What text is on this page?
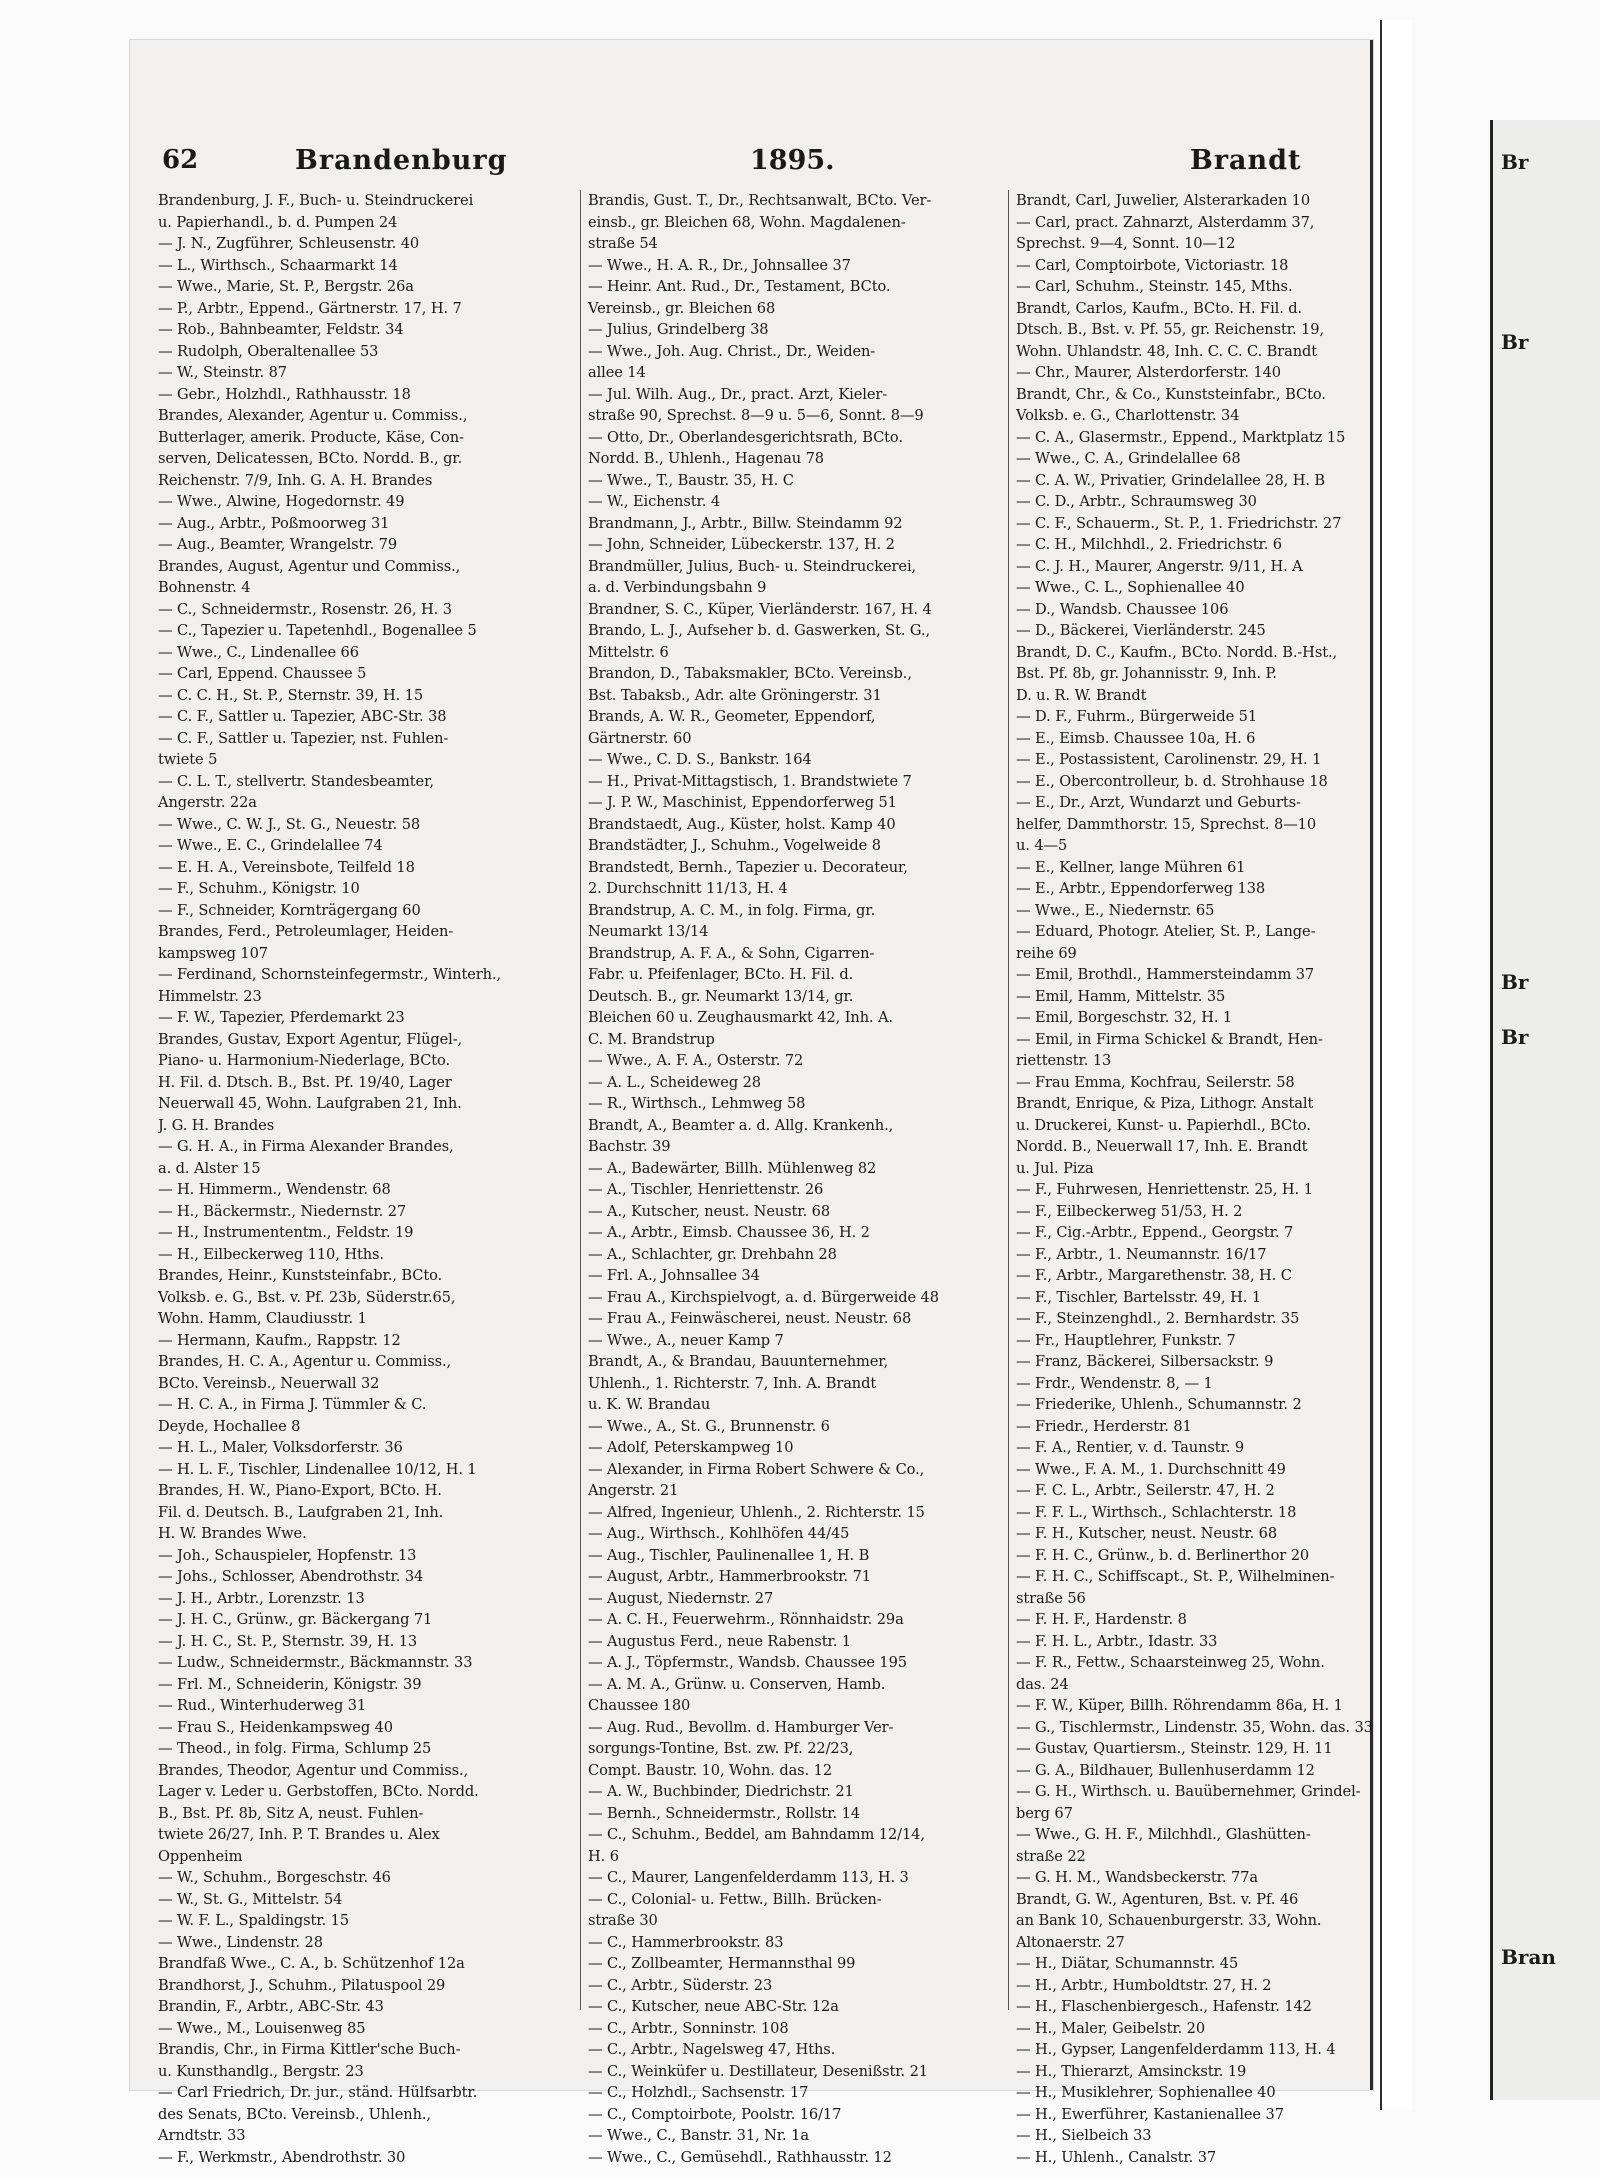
Br
Br
Br
Br
Bran
62	Brandenburg	1895.	Brandt
Brandenburg, J. F., Buch- u. Steindruckerei
u. Papierhandl., b. d. Pumpen 24
— J. N., Zugführer, Schleusenstr. 40
— L., Wirthsch., Schaarmarkt 14
— Wwe., Marie, St. P., Bergstr. 26a
— P., Arbtr., Eppend., Gärtnerstr. 17, H. 7
— Rob., Bahnbeamter, Feldstr. 34
— Rudolph, Oberaltenallee 53
— W., Steinstr. 87
— Gebr., Holzhdl., Rathhausstr. 18
Brandes, Alexander, Agentur u. Commiss.,
Butterlager, amerik. Producte, Käse, Con-
serven, Delicatessen, BCto. Nordd. B., gr.
Reichenstr. 7/9, Inh. G. A. H. Brandes
— Wwe., Alwine, Hogedornstr. 49
— Aug., Arbtr., Poßmoorweg 31
— Aug., Beamter, Wrangelstr. 79
Brandes, August, Agentur und Commiss.,
Bohnenstr. 4
— C., Schneidermstr., Rosenstr. 26, H. 3
— C., Tapezier u. Tapetenhdl., Bogenallee 5
— Wwe., C., Lindenallee 66
— Carl, Eppend. Chaussee 5
— C. C. H., St. P., Sternstr. 39, H. 15
— C. F., Sattler u. Tapezier, ABC-Str. 38
— C. F., Sattler u. Tapezier, nst. Fuhlen-
twiete 5
— C. L. T., stellvertr. Standesbeamter,
Angerstr. 22a
— Wwe., C. W. J., St. G., Neuestr. 58
— Wwe., E. C., Grindelallee 74
— E. H. A., Vereinsbote, Teilfeld 18
— F., Schuhm., Königstr. 10
— F., Schneider, Kornträgergang 60
Brandes, Ferd., Petroleumlager, Heiden-
kampsweg 107
— Ferdinand, Schornsteinfegermstr., Winterh.,
Himmelstr. 23
— F. W., Tapezier, Pferdemarkt 23
Brandes, Gustav, Export Agentur, Flügel-,
Piano- u. Harmonium-Niederlage, BCto.
H. Fil. d. Dtsch. B., Bst. Pf. 19/40, Lager
Neuerwall 45, Wohn. Laufgraben 21, Inh.
J. G. H. Brandes
— G. H. A., in Firma Alexander Brandes,
a. d. Alster 15
— H. Himmerm., Wendenstr. 68
— H., Bäckermstr., Niedernstr. 27
— H., Instrumententm., Feldstr. 19
— H., Eilbeckerweg 110, Hths.
Brandes, Heinr., Kunststeinfabr., BCto.
Volksb. e. G., Bst. v. Pf. 23b, Süderstr.65,
Wohn. Hamm, Claudiusstr. 1
— Hermann, Kaufm., Rappstr. 12
Brandes, H. C. A., Agentur u. Commiss.,
BCto. Vereinsb., Neuerwall 32
— H. C. A., in Firma J. Tümmler & C.
Deyde, Hochallee 8
— H. L., Maler, Volksdorferstr. 36
— H. L. F., Tischler, Lindenallee 10/12, H. 1
Brandes, H. W., Piano-Export, BCto. H.
Fil. d. Deutsch. B., Laufgraben 21, Inh.
H. W. Brandes Wwe.
— Joh., Schauspieler, Hopfenstr. 13
— Johs., Schlosser, Abendrothstr. 34
— J. H., Arbtr., Lorenzstr. 13
— J. H. C., Grünw., gr. Bäckergang 71
— J. H. C., St. P., Sternstr. 39, H. 13
— Ludw., Schneidermstr., Bäckmannstr. 33
— Frl. M., Schneiderin, Königstr. 39
— Rud., Winterhuderweg 31
— Frau S., Heidenkampsweg 40
— Theod., in folg. Firma, Schlump 25
Brandes, Theodor, Agentur und Commiss.,
Lager v. Leder u. Gerbstoffen, BCto. Nordd.
B., Bst. Pf. 8b, Sitz A, neust. Fuhlen-
twiete 26/27, Inh. P. T. Brandes u. Alex
Oppenheim
— W., Schuhm., Borgeschstr. 46
— W., St. G., Mittelstr. 54
— W. F. L., Spaldingstr. 15
— Wwe., Lindenstr. 28
Brandfaß Wwe., C. A., b. Schützenhof 12a
Brandhorst, J., Schuhm., Pilatuspool 29
Brandin, F., Arbtr., ABC-Str. 43
— Wwe., M., Louisenweg 85
Brandis, Chr., in Firma Kittler'sche Buch-
u. Kunsthandlg., Bergstr. 23
— Carl Friedrich, Dr. jur., ständ. Hülfsarbtr.
des Senats, BCto. Vereinsb., Uhlenh.,
Arndtstr. 33
— F., Werkmstr., Abendrothstr. 30
Brandis, Gust. T., Dr., Rechtsanwalt, BCto. Ver-
einsb., gr. Bleichen 68, Wohn. Magdalenen-
straße 54
— Wwe., H. A. R., Dr., Johnsallee 37
— Heinr. Ant. Rud., Dr., Testament, BCto.
Vereinsb., gr. Bleichen 68
— Julius, Grindelberg 38
— Wwe., Joh. Aug. Christ., Dr., Weiden-
allee 14
— Jul. Wilh. Aug., Dr., pract. Arzt, Kieler-
straße 90, Sprechst. 8—9 u. 5—6, Sonnt. 8—9
— Otto, Dr., Oberlandesgerichtsrath, BCto.
Nordd. B., Uhlenh., Hagenau 78
— Wwe., T., Baustr. 35, H. C
— W., Eichenstr. 4
Brandmann, J., Arbtr., Billw. Steindamm 92
— John, Schneider, Lübeckerstr. 137, H. 2
Brandmüller, Julius, Buch- u. Steindruckerei,
a. d. Verbindungsbahn 9
Brandner, S. C., Küper, Vierländerstr. 167, H. 4
Brando, L. J., Aufseher b. d. Gaswerken, St. G.,
Mittelstr. 6
Brandon, D., Tabaksmakler, BCto. Vereinsb.,
Bst. Tabaksb., Adr. alte Gröningerstr. 31
Brands, A. W. R., Geometer, Eppendorf,
Gärtnerstr. 60
— Wwe., C. D. S., Bankstr. 164
— H., Privat-Mittagstisch, 1. Brandstwiete 7
— J. P. W., Maschinist, Eppendorferweg 51
Brandstaedt, Aug., Küster, holst. Kamp 40
Brandstädter, J., Schuhm., Vogelweide 8
Brandstedt, Bernh., Tapezier u. Decorateur,
2. Durchschnitt 11/13, H. 4
Brandstrup, A. C. M., in folg. Firma, gr.
Neumarkt 13/14
Brandstrup, A. F. A., & Sohn, Cigarren-
Fabr. u. Pfeifenlager, BCto. H. Fil. d.
Deutsch. B., gr. Neumarkt 13/14, gr.
Bleichen 60 u. Zeughausmarkt 42, Inh. A.
C. M. Brandstrup
— Wwe., A. F. A., Osterstr. 72
— A. L., Scheideweg 28
— R., Wirthsch., Lehmweg 58
Brandt, A., Beamter a. d. Allg. Krankenh.,
Bachstr. 39
— A., Badewärter, Billh. Mühlenweg 82
— A., Tischler, Henriettenstr. 26
— A., Kutscher, neust. Neustr. 68
— A., Arbtr., Eimsb. Chaussee 36, H. 2
— A., Schlachter, gr. Drehbahn 28
— Frl. A., Johnsallee 34
— Frau A., Kirchspielvogt, a. d. Bürgerweide 48
— Frau A., Feinwäscherei, neust. Neustr. 68
— Wwe., A., neuer Kamp 7
Brandt, A., & Brandau, Bauunternehmer,
Uhlenh., 1. Richterstr. 7, Inh. A. Brandt
u. K. W. Brandau
— Wwe., A., St. G., Brunnenstr. 6
— Adolf, Peterskampweg 10
— Alexander, in Firma Robert Schwere & Co.,
Angerstr. 21
— Alfred, Ingenieur, Uhlenh., 2. Richterstr. 15
— Aug., Wirthsch., Kohlhöfen 44/45
— Aug., Tischler, Paulinenallee 1, H. B
— August, Arbtr., Hammerbrookstr. 71
— August, Niedernstr. 27
— A. C. H., Feuerwehrm., Rönnhaidstr. 29a
— Augustus Ferd., neue Rabenstr. 1
— A. J., Töpfermstr., Wandsb. Chaussee 195
— A. M. A., Grünw. u. Conserven, Hamb.
Chaussee 180
— Aug. Rud., Bevollm. d. Hamburger Ver-
sorgungs-Tontine, Bst. zw. Pf. 22/23,
Compt. Baustr. 10, Wohn. das. 12
— A. W., Buchbinder, Diedrichstr. 21
— Bernh., Schneidermstr., Rollstr. 14
— C., Schuhm., Beddel, am Bahndamm 12/14,
H. 6
— C., Maurer, Langenfelderdamm 113, H. 3
— C., Colonial- u. Fettw., Billh. Brücken-
straße 30
— C., Hammerbrookstr. 83
— C., Zollbeamter, Hermannsthal 99
— C., Arbtr., Süderstr. 23
— C., Kutscher, neue ABC-Str. 12a
— C., Arbtr., Sonninstr. 108
— C., Arbtr., Nagelsweg 47, Hths.
— C., Weinküfer u. Destillateur, Desenißstr. 21
— C., Holzhdl., Sachsenstr. 17
— C., Comptoirbote, Poolstr. 16/17
— Wwe., C., Banstr. 31, Nr. 1a
— Wwe., C., Gemüsehdl., Rathhausstr. 12
Brandt, Carl, Juwelier, Alsterarkaden 10
— Carl, pract. Zahnarzt, Alsterdamm 37,
Sprechst. 9—4, Sonnt. 10—12
— Carl, Comptoirbote, Victoriastr. 18
— Carl, Schuhm., Steinstr. 145, Mths.
Brandt, Carlos, Kaufm., BCto. H. Fil. d.
Dtsch. B., Bst. v. Pf. 55, gr. Reichenstr. 19,
Wohn. Uhlandstr. 48, Inh. C. C. C. Brandt
— Chr., Maurer, Alsterdorferstr. 140
Brandt, Chr., & Co., Kunststeinfabr., BCto.
Volksb. e. G., Charlottenstr. 34
— C. A., Glasermstr., Eppend., Marktplatz 15
— Wwe., C. A., Grindelallee 68
— C. A. W., Privatier, Grindelallee 28, H. B
— C. D., Arbtr., Schraumsweg 30
— C. F., Schauerm., St. P., 1. Friedrichstr. 27
— C. H., Milchhdl., 2. Friedrichstr. 6
— C. J. H., Maurer, Angerstr. 9/11, H. A
— Wwe., C. L., Sophienallee 40
— D., Wandsb. Chaussee 106
— D., Bäckerei, Vierländerstr. 245
Brandt, D. C., Kaufm., BCto. Nordd. B.-Hst.,
Bst. Pf. 8b, gr. Johannisstr. 9, Inh. P.
D. u. R. W. Brandt
— D. F., Fuhrm., Bürgerweide 51
— E., Eimsb. Chaussee 10a, H. 6
— E., Postassistent, Carolinenstr. 29, H. 1
— E., Obercontrolleur, b. d. Strohhause 18
— E., Dr., Arzt, Wundarzt und Geburts-
helfer, Dammthorstr. 15, Sprechst. 8—10
u. 4—5
— E., Kellner, lange Mühren 61
— E., Arbtr., Eppendorferweg 138
— Wwe., E., Niedernstr. 65
— Eduard, Photogr. Atelier, St. P., Lange-
reihe 69
— Emil, Brothdl., Hammersteindamm 37
— Emil, Hamm, Mittelstr. 35
— Emil, Borgeschstr. 32, H. 1
— Emil, in Firma Schickel & Brandt, Hen-
riettenstr. 13
— Frau Emma, Kochfrau, Seilerstr. 58
Brandt, Enrique, & Piza, Lithogr. Anstalt
u. Druckerei, Kunst- u. Papierhdl., BCto.
Nordd. B., Neuerwall 17, Inh. E. Brandt
u. Jul. Piza
— F., Fuhrwesen, Henriettenstr. 25, H. 1
— F., Eilbeckerweg 51/53, H. 2
— F., Cig.-Arbtr., Eppend., Georgstr. 7
— F., Arbtr., 1. Neumannstr. 16/17
— F., Arbtr., Margarethenstr. 38, H. C
— F., Tischler, Bartelsstr. 49, H. 1
— F., Steinzenghdl., 2. Bernhardstr. 35
— Fr., Hauptlehrer, Funkstr. 7
— Franz, Bäckerei, Silbersackstr. 9
— Frdr., Wendenstr. 8, — 1
— Friederike, Uhlenh., Schumannstr. 2
— Friedr., Herderstr. 81
— F. A., Rentier, v. d. Taunstr. 9
— Wwe., F. A. M., 1. Durchschnitt 49
— F. C. L., Arbtr., Seilerstr. 47, H. 2
— F. F. L., Wirthsch., Schlachterstr. 18
— F. H., Kutscher, neust. Neustr. 68
— F. H. C., Grünw., b. d. Berlinerthor 20
— F. H. C., Schiffscapt., St. P., Wilhelminen-
straße 56
— F. H. F., Hardenstr. 8
— F. H. L., Arbtr., Idastr. 33
— F. R., Fettw., Schaarsteinweg 25, Wohn.
das. 24
— F. W., Küper, Billh. Röhrendamm 86a, H. 1
— G., Tischlermstr., Lindenstr. 35, Wohn. das. 33
— Gustav, Quartiersm., Steinstr. 129, H. 11
— G. A., Bildhauer, Bullenhuserdamm 12
— G. H., Wirthsch. u. Bauübernehmer, Grindel-
berg 67
— Wwe., G. H. F., Milchhdl., Glashütten-
straße 22
— G. H. M., Wandsbeckerstr. 77a
Brandt, G. W., Agenturen, Bst. v. Pf. 46
an Bank 10, Schauenburgerstr. 33, Wohn.
Altonaerstr. 27
— H., Diätar, Schumannstr. 45
— H., Arbtr., Humboldtstr. 27, H. 2
— H., Flaschenbiergesch., Hafenstr. 142
— H., Maler, Geibelstr. 20
— H., Gypser, Langenfelderdamm 113, H. 4
— H., Thierarzt, Amsinckstr. 19
— H., Musiklehrer, Sophienallee 40
— H., Ewerführer, Kastanienallee 37
— H., Sielbeich 33
— H., Uhlenh., Canalstr. 37
